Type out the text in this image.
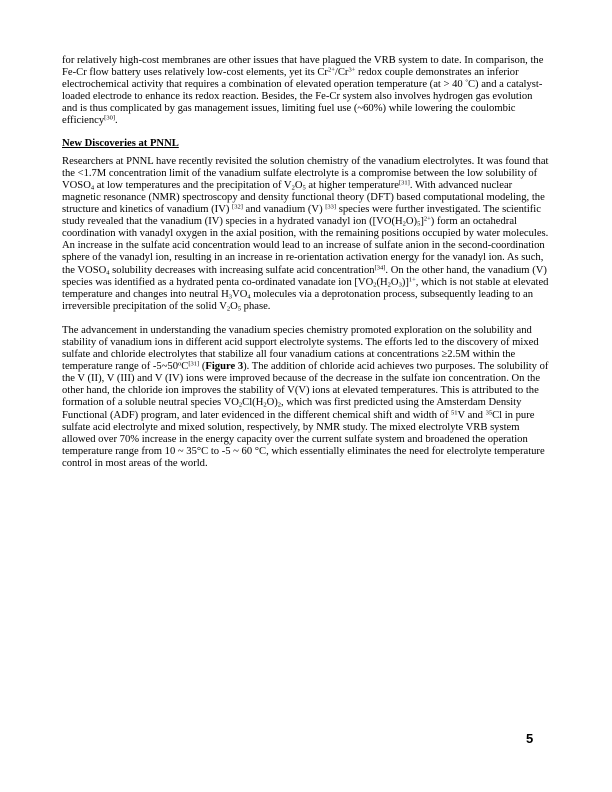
for relatively high-cost membranes are other issues that have plagued the VRB system to date. In comparison, the Fe-Cr flow battery uses relatively low-cost elements, yet its $Cr^{2+}/Cr^{3+}$ redox couple demonstrates an inferior electrochemical activity that requires a combination of elevated operation temperature (at > 40 °C) and a catalyst-loaded electrode to enhance its redox reaction. Besides, the Fe-Cr system also involves hydrogen gas evolution and is thus complicated by gas management issues, limiting fuel use (~60%) while lowering the coulombic efficiency[30].

New Discoveries at PNNL

Researchers at PNNL have recently revisited the solution chemistry of the vanadium electrolytes. It was found that the <1.7M concentration limit of the vanadium sulfate electrolyte is a compromise between the low solubility of $VOSO_4$ at low temperatures and the precipitation of $V_2O_5$ at higher temperature[31]. With advanced nuclear magnetic resonance (NMR) spectroscopy and density functional theory (DFT) based computational modeling, the structure and kinetics of vanadium (IV) [32] and vanadium (V) [33] species were further investigated. The scientific study revealed that the vanadium (IV) species in a hydrated vanadyl ion $([VO(H_2O)_5]^{2+})$ form an octahedral coordination with vanadyl oxygen in the axial position, with the remaining positions occupied by water molecules. An increase in the sulfate acid concentration would lead to an increase of sulfate anion in the second-coordination sphere of the vanadyl ion, resulting in an increase in re-orientation activation energy for the vanadyl ion. As such, the $VOSO_4$ solubility decreases with increasing sulfate acid concentration[34]. On the other hand, the vanadium (V) species was identified as a hydrated penta co-ordinated vanadate ion $[VO_2(H_2O_3)]^{1+}$, which is not stable at elevated temperature and changes into neutral $H_3VO_4$ molecules via a deprotonation process, subsequently leading to an irreversible precipitation of the solid $V_2O_5$ phase.

The advancement in understanding the vanadium species chemistry promoted exploration on the solubility and stability of vanadium ions in different acid support electrolyte systems. The efforts led to the discovery of mixed sulfate and chloride electrolytes that stabilize all four vanadium cations at concentrations ≥2.5M within the temperature range of -5~50$^o$C[31] (Figure 3). The addition of chloride acid achieves two purposes. The solubility of the V (II), V (III) and V (IV) ions were improved because of the decrease in the sulfate ion concentration. On the other hand, the chloride ion improves the stability of V(V) ions at elevated temperatures. This is attributed to the formation of a soluble neutral species $VO_2Cl(H_2O)_2$, which was first predicted using the Amsterdam Density Functional (ADF) program, and later evidenced in the different chemical shift and width of $^{51}$V and $^{35}$Cl in pure sulfate acid electrolyte and mixed solution, respectively, by NMR study. The mixed electrolyte VRB system allowed over 70% increase in the energy capacity over the current sulfate system and broadened the operation temperature range from 10 ~ 35°C to -5 ~ 60 °C, which essentially eliminates the need for electrolyte temperature control in most areas of the world.

5
